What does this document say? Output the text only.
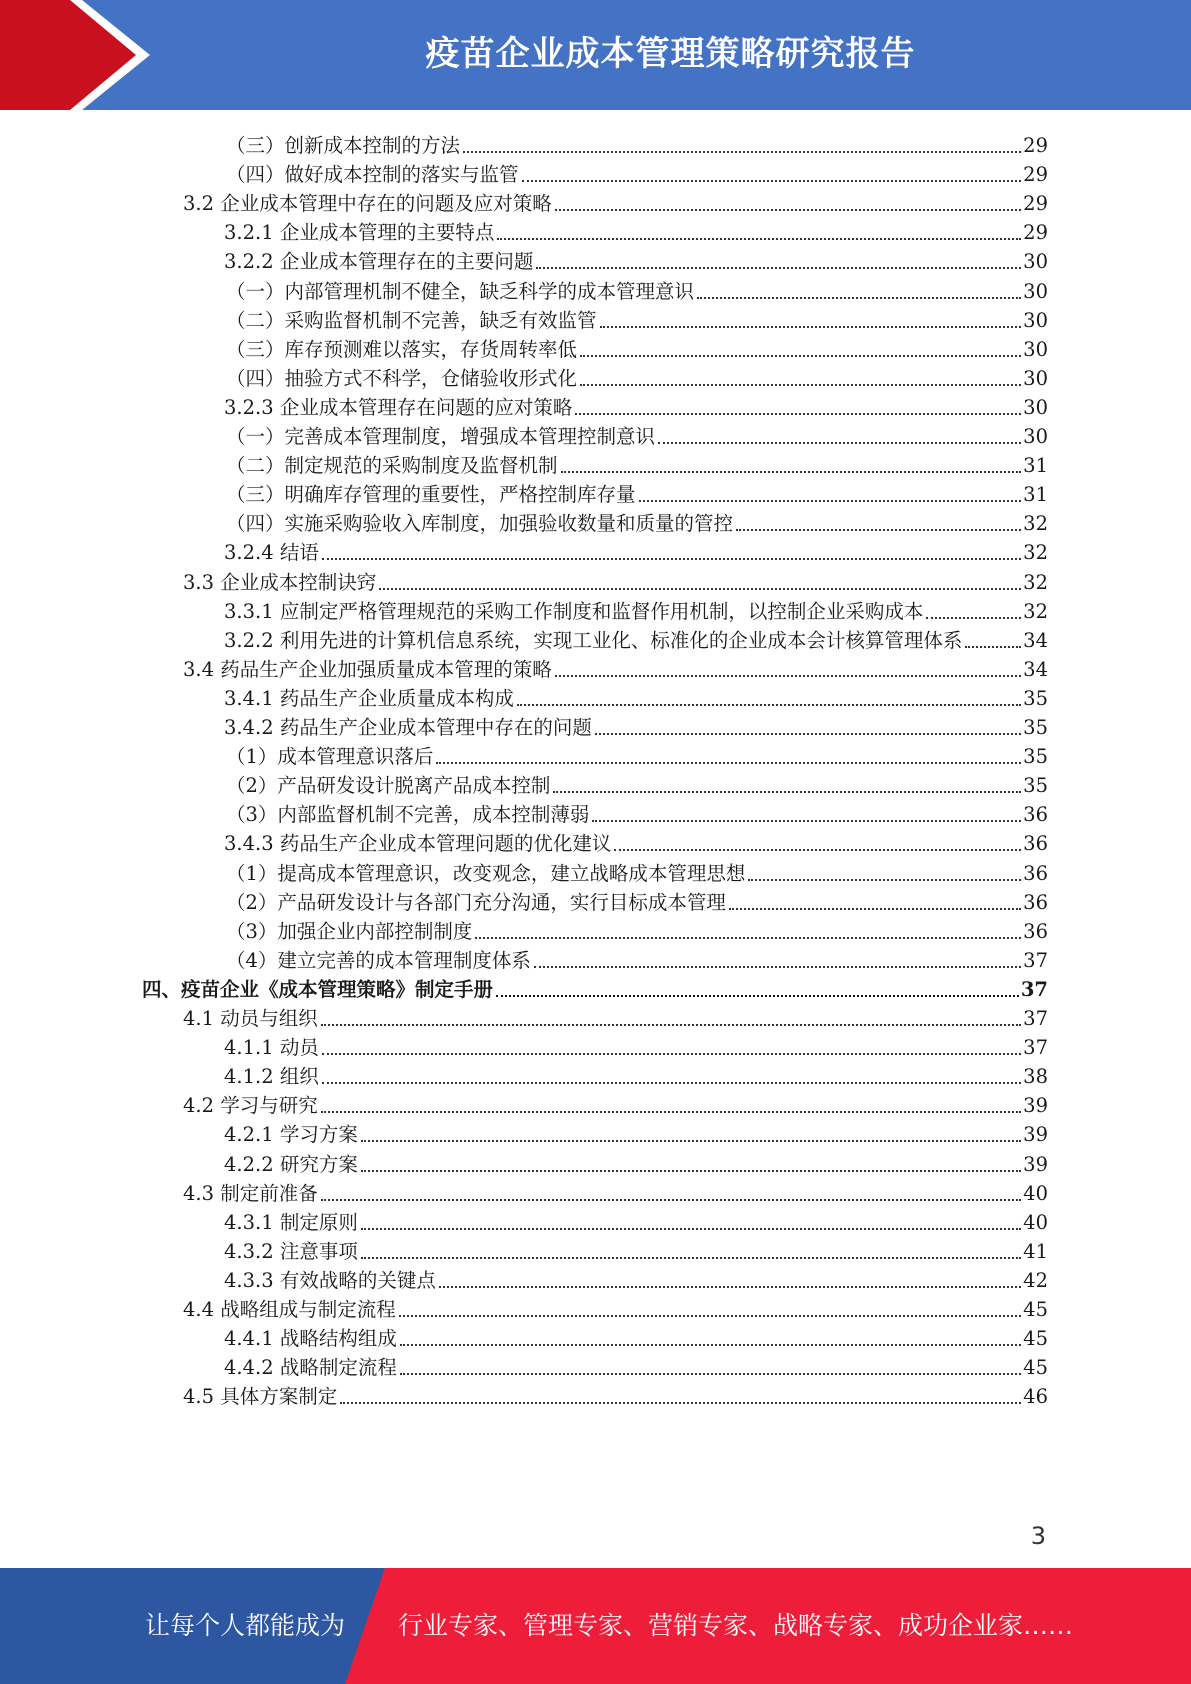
疫苗企业成本管理策略研究报告
（三）创新成本控制的方法	29
（四）做好成本控制的落实与监管	29
3.2 企业成本管理中存在的问题及应对策略	29
3.2.1 企业成本管理的主要特点	29
3.2.2 企业成本管理存在的主要问题	30
（一）内部管理机制不健全，缺乏科学的成本管理意识	30
（二）采购监督机制不完善，缺乏有效监管	30
（三）库存预测难以落实，存货周转率低	30
（四）抽验方式不科学，仓储验收形式化	30
3.2.3 企业成本管理存在问题的应对策略	30
（一）完善成本管理制度，增强成本管理控制意识	30
（二）制定规范的采购制度及监督机制	31
（三）明确库存管理的重要性，严格控制库存量	31
（四）实施采购验收入库制度，加强验收数量和质量的管控	32
3.2.4 结语	32
3.3 企业成本控制诀窍	32
3.3.1 应制定严格管理规范的采购工作制度和监督作用机制，以控制企业采购成本	32
3.2.2 利用先进的计算机信息系统，实现工业化、标准化的企业成本会计核算管理体系	34
3.4 药品生产企业加强质量成本管理的策略	34
3.4.1 药品生产企业质量成本构成	35
3.4.2 药品生产企业成本管理中存在的问题	35
（1）成本管理意识落后	35
（2）产品研发设计脱离产品成本控制	35
（3）内部监督机制不完善，成本控制薄弱	36
3.4.3 药品生产企业成本管理问题的优化建议	36
（1）提高成本管理意识，改变观念，建立战略成本管理思想	36
（2）产品研发设计与各部门充分沟通，实行目标成本管理	36
（3）加强企业内部控制制度	36
（4）建立完善的成本管理制度体系	37
四、疫苗企业《成本管理策略》制定手册	37
4.1 动员与组织	37
4.1.1 动员	37
4.1.2 组织	38
4.2 学习与研究	39
4.2.1 学习方案	39
4.2.2 研究方案	39
4.3 制定前准备	40
4.3.1 制定原则	40
4.3.2 注意事项	41
4.3.3 有效战略的关键点	42
4.4 战略组成与制定流程	45
4.4.1 战略结构组成	45
4.4.2 战略制定流程	45
4.5 具体方案制定	46
3
让每个人都能成为 行业专家、管理专家、营销专家、战略专家、成功企业家……
